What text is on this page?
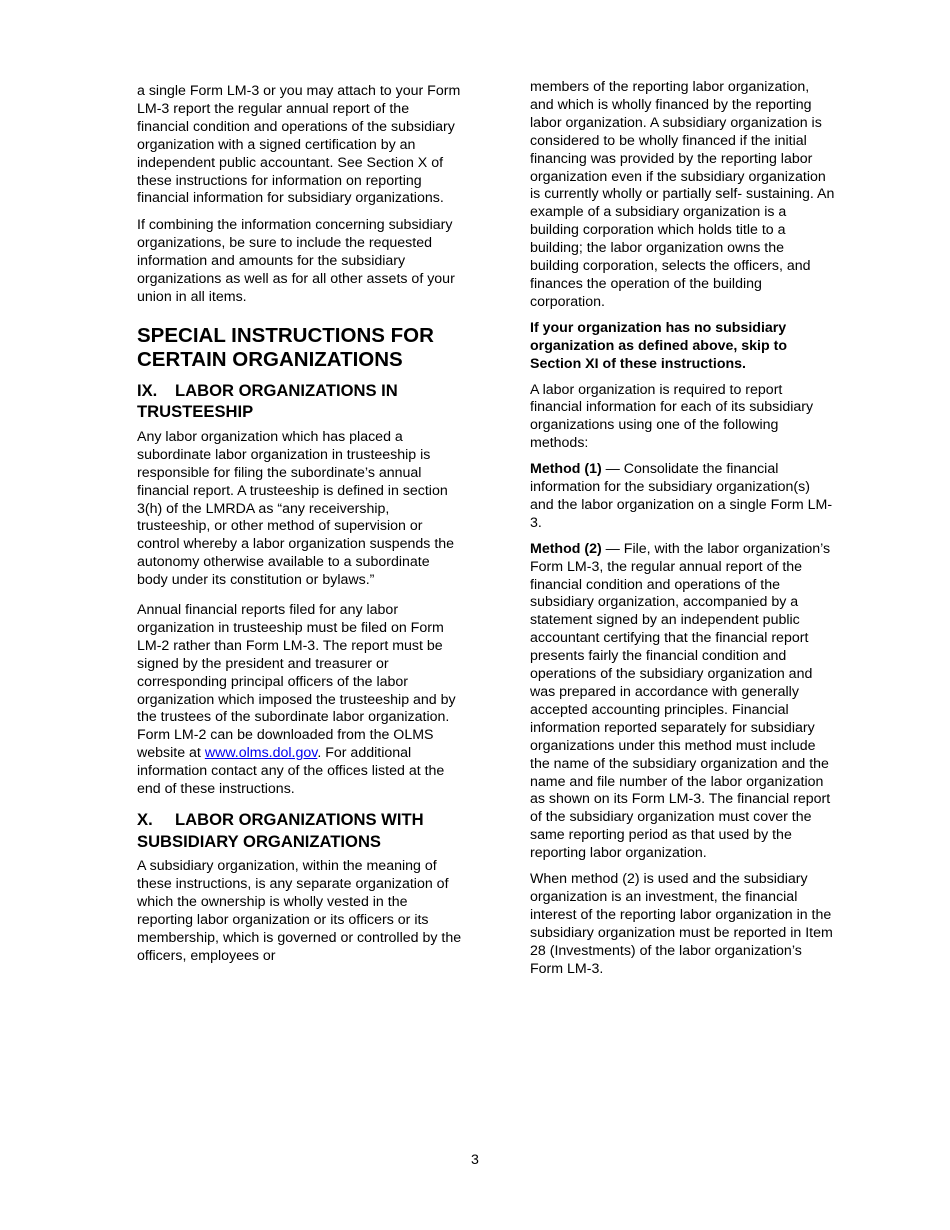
a single Form LM-3 or you may attach to your Form LM-3 report the regular annual report of the financial condition and operations of the subsidiary organization with a signed certification by an independent public accountant. See Section X of these instructions for information on reporting financial information for subsidiary organizations.

If combining the information concerning subsidiary organizations, be sure to include the requested information and amounts for the subsidiary organizations as well as for all other assets of your union in all items.

SPECIAL INSTRUCTIONS FOR CERTAIN ORGANIZATIONS
IX. LABOR ORGANIZATIONS IN TRUSTEESHIP

Any labor organization which has placed a subordinate labor organization in trusteeship is responsible for filing the subordinate’s annual financial report. A trusteeship is defined in section 3(h) of the LMRDA as “any receivership, trusteeship, or other method of supervision or control whereby a labor organization suspends the autonomy otherwise available to a subordinate body under its constitution or bylaws.”

Annual financial reports filed for any labor organization in trusteeship must be filed on Form LM-2 rather than Form LM-3. The report must be signed by the president and treasurer or corresponding principal officers of the labor organization which imposed the trusteeship and by the trustees of the subordinate labor organization. Form LM-2 can be downloaded from the OLMS website at www.olms.dol.gov. For additional information contact any of the offices listed at the end of these instructions.

X. LABOR ORGANIZATIONS WITH SUBSIDIARY ORGANIZATIONS

A subsidiary organization, within the meaning of these instructions, is any separate organization of which the ownership is wholly vested in the reporting labor organization or its officers or its membership, which is governed or controlled by the officers, employees or

members of the reporting labor organization, and which is wholly financed by the reporting labor organization. A subsidiary organization is considered to be wholly financed if the initial financing was provided by the reporting labor organization even if the subsidiary organization is currently wholly or partially self- sustaining. An example of a subsidiary organization is a building corporation which holds title to a building; the labor organization owns the building corporation, selects the officers, and finances the operation of the building corporation.

If your organization has no subsidiary organization as defined above, skip to Section XI of these instructions.

A labor organization is required to report financial information for each of its subsidiary organizations using one of the following methods:

Method (1) — Consolidate the financial information for the subsidiary organization(s) and the labor organization on a single Form LM-3.

Method (2) — File, with the labor organization’s Form LM-3, the regular annual report of the financial condition and operations of the subsidiary organization, accompanied by a statement signed by an independent public accountant certifying that the financial report presents fairly the financial condition and operations of the subsidiary organization and was prepared in accordance with generally accepted accounting principles. Financial information reported separately for subsidiary organizations under this method must include the name of the subsidiary organization and the name and file number of the labor organization as shown on its Form LM-3. The financial report of the subsidiary organization must cover the same reporting period as that used by the reporting labor organization.

When method (2) is used and the subsidiary organization is an investment, the financial interest of the reporting labor organization in the subsidiary organization must be reported in Item 28 (Investments) of the labor organization’s Form LM-3.

3
